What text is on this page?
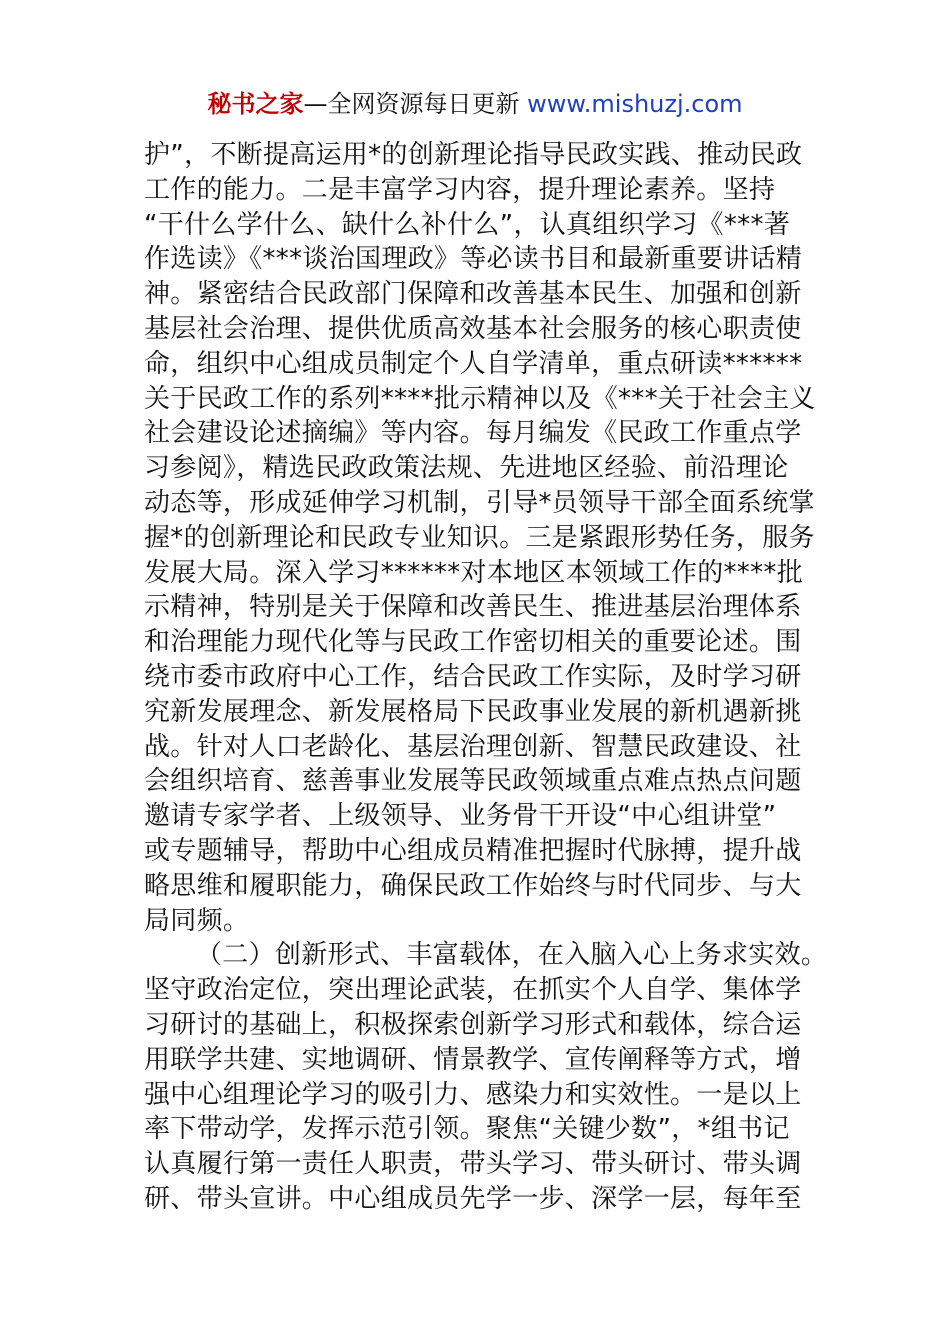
秘书之家—全网资源每日更新 www.mishuzj.com
护”，不断提高运用*的创新理论指导民政实践、推动民政
工作的能力。二是丰富学习内容，提升理论素养。坚持
“干什么学什么、缺什么补什么”，认真组织学习《***著
作选读》《***谈治国理政》等必读书目和最新重要讲话精
神。紧密结合民政部门保障和改善基本民生、加强和创新
基层社会治理、提供优质高效基本社会服务的核心职责使
命，组织中心组成员制定个人自学清单，重点研读******
关于民政工作的系列****批示精神以及《***关于社会主义
社会建设论述摘编》等内容。每月编发《民政工作重点学
习参阅》，精选民政政策法规、先进地区经验、前沿理论
动态等，形成延伸学习机制，引导*员领导干部全面系统掌
握*的创新理论和民政专业知识。三是紧跟形势任务，服务
发展大局。深入学习******对本地区本领域工作的****批
示精神，特别是关于保障和改善民生、推进基层治理体系
和治理能力现代化等与民政工作密切相关的重要论述。围
绕市委市政府中心工作，结合民政工作实际，及时学习研
究新发展理念、新发展格局下民政事业发展的新机遇新挑
战。针对人口老龄化、基层治理创新、智慧民政建设、社
会组织培育、慈善事业发展等民政领域重点难点热点问题
邀请专家学者、上级领导、业务骨干开设“中心组讲堂”
或专题辅导，帮助中心组成员精准把握时代脉搏，提升战
略思维和履职能力，确保民政工作始终与时代同步、与大
局同频。
（二）创新形式、丰富载体，在入脑入心上务求实效。
坚守政治定位，突出理论武装，在抓实个人自学、集体学
习研讨的基础上，积极探索创新学习形式和载体，综合运
用联学共建、实地调研、情景教学、宣传阐释等方式，增
强中心组理论学习的吸引力、感染力和实效性。一是以上
率下带动学，发挥示范引领。聚焦“关键少数”，*组书记
认真履行第一责任人职责，带头学习、带头研讨、带头调
研、带头宣讲。中心组成员先学一步、深学一层，每年至
